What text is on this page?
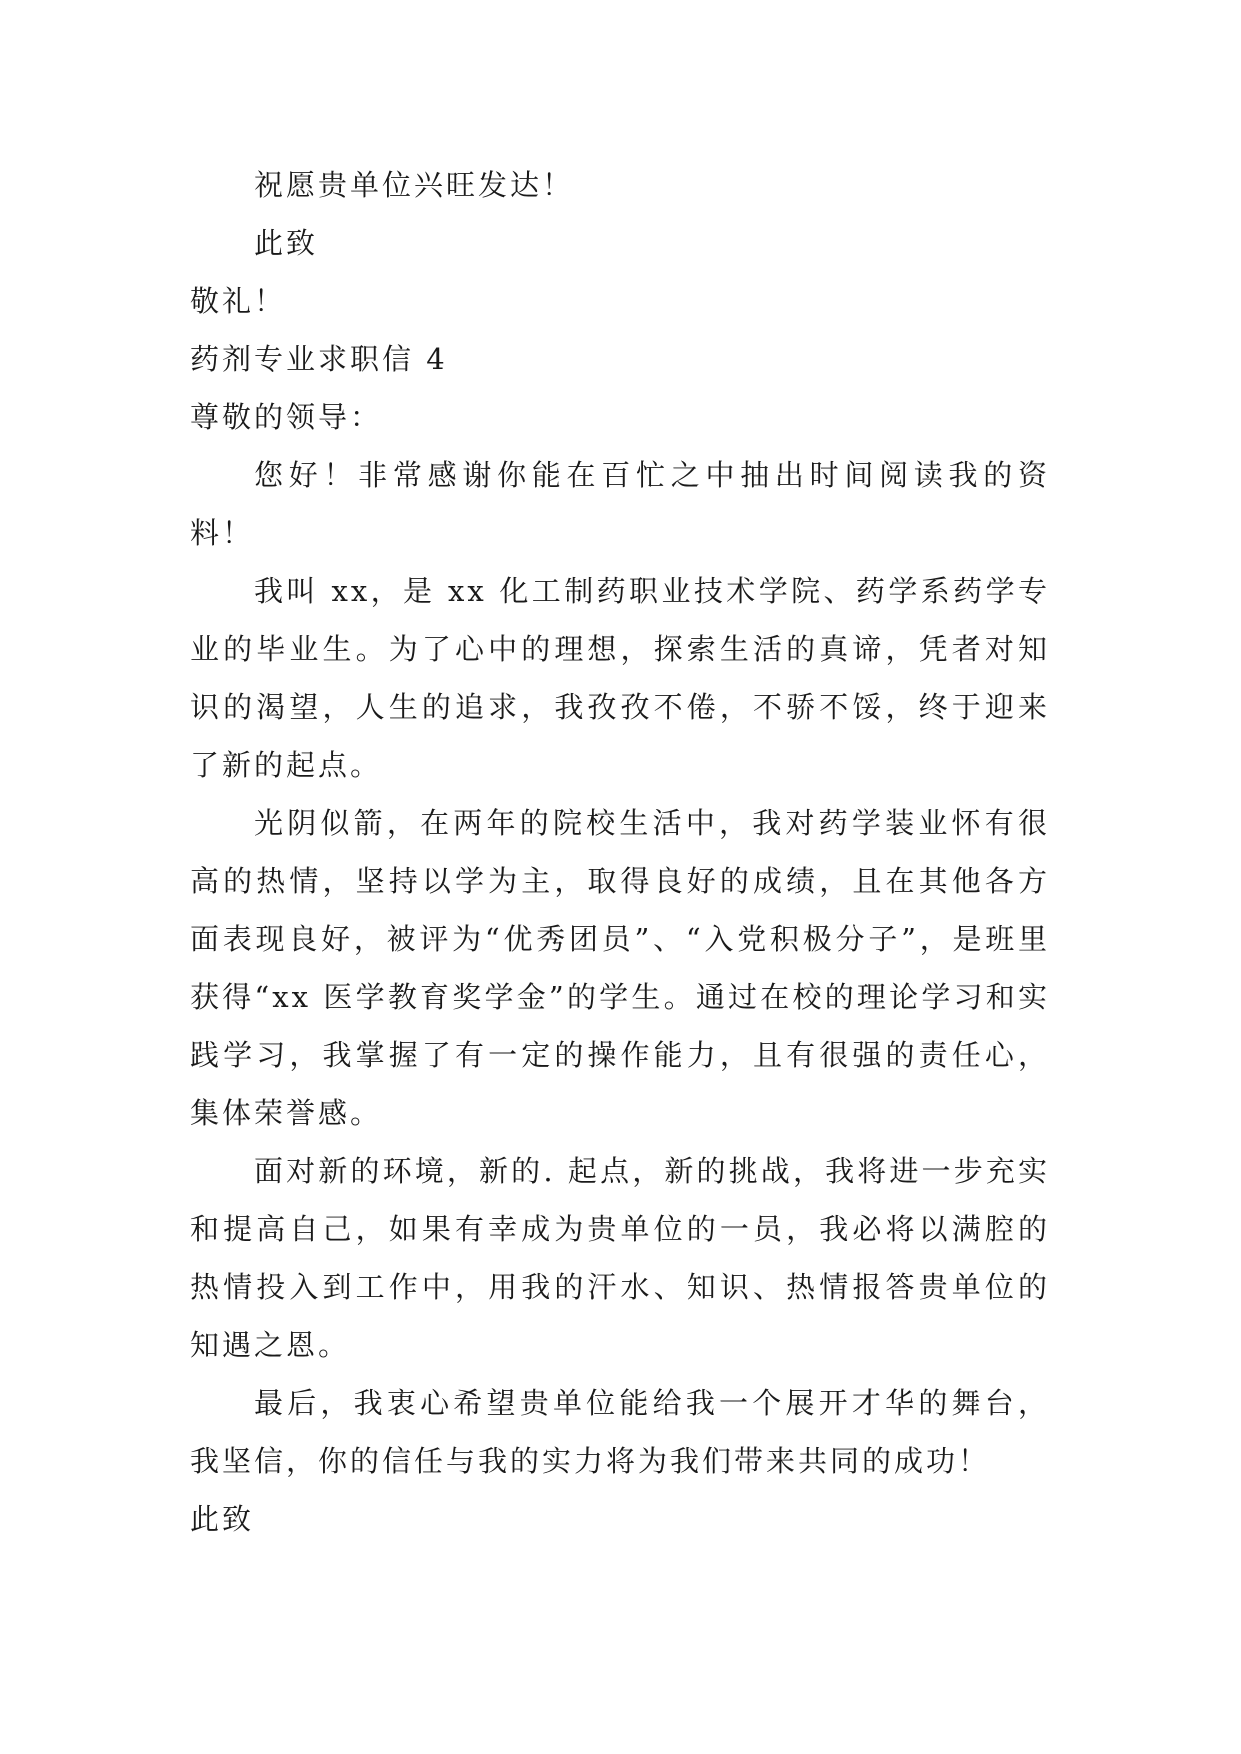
祝愿贵单位兴旺发达！

此致

敬礼！

药剂专业求职信 4

尊敬的领导：

您好！非常感谢你能在百忙之中抽出时间阅读我的资料！

我叫 xx，是 xx 化工制药职业技术学院、药学系药学专业的毕业生。为了心中的理想，探索生活的真谛，凭者对知识的渴望，人生的追求，我孜孜不倦，不骄不馁，终于迎来了新的起点。

光阴似箭，在两年的院校生活中，我对药学装业怀有很高的热情，坚持以学为主，取得良好的成绩，且在其他各方面表现良好，被评为“优秀团员”、“入党积极分子”，是班里获得“xx 医学教育奖学金”的学生。通过在校的理论学习和实践学习，我掌握了有一定的操作能力，且有很强的责任心，集体荣誉感。

面对新的环境，新的. 起点，新的挑战，我将进一步充实和提高自己，如果有幸成为贵单位的一员，我必将以满腔的热情投入到工作中，用我的汗水、知识、热情报答贵单位的知遇之恩。

最后，我衷心希望贵单位能给我一个展开才华的舞台，我坚信，你的信任与我的实力将为我们带来共同的成功！

此致
